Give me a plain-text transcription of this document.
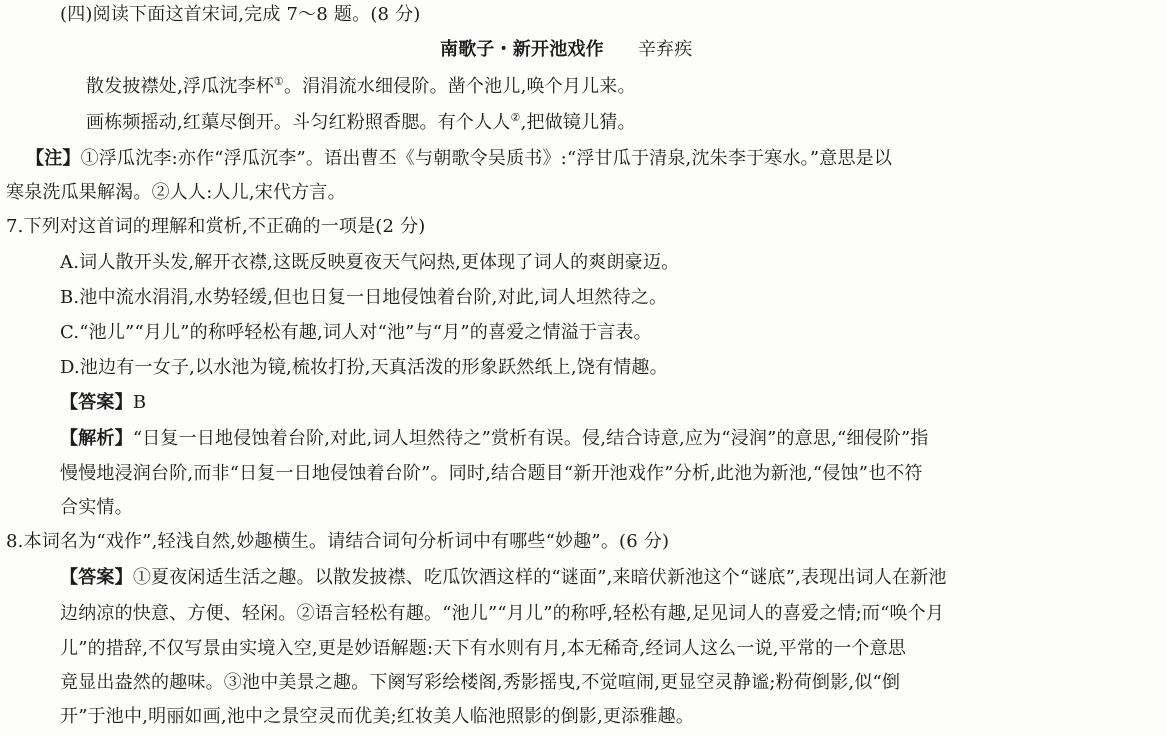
(四)阅读下面这首宋词,完成 7～8 题。(8 分)
南歌子・新开池戏作 辛弃疾
散发披襟处,浮瓜沈李杯①。涓涓流水细侵阶。凿个池儿,唤个月儿来。
画栋频摇动,红蕖尽倒开。斗匀红粉照香腮。有个人人②,把做镜儿猜。
【注】①浮瓜沈李:亦作“浮瓜沉李”。语出曹丕《与朝歌令吴质书》:“浮甘瓜于清泉,沈朱李于寒水。”意思是以
寒泉洗瓜果解渴。②人人:人儿,宋代方言。
7.下列对这首词的理解和赏析,不正确的一项是(2 分)
A.词人散开头发,解开衣襟,这既反映夏夜天气闷热,更体现了词人的爽朗豪迈。
B.池中流水涓涓,水势轻缓,但也日复一日地侵蚀着台阶,对此,词人坦然待之。
C.“池儿”“月儿”的称呼轻松有趣,词人对“池”与“月”的喜爱之情溢于言表。
D.池边有一女子,以水池为镜,梳妆打扮,天真活泼的形象跃然纸上,饶有情趣。
【答案】B
【解析】“日复一日地侵蚀着台阶,对此,词人坦然待之”赏析有误。侵,结合诗意,应为“浸润”的意思,“细侵阶”指
慢慢地浸润台阶,而非“日复一日地侵蚀着台阶”。同时,结合题目“新开池戏作”分析,此池为新池,“侵蚀”也不符
合实情。
8.本词名为“戏作”,轻浅自然,妙趣横生。请结合词句分析词中有哪些“妙趣”。(6 分)
【答案】①夏夜闲适生活之趣。以散发披襟、吃瓜饮酒这样的“谜面”,来暗伏新池这个“谜底”,表现出词人在新池
边纳凉的快意、方便、轻闲。②语言轻松有趣。“池儿”“月儿”的称呼,轻松有趣,足见词人的喜爱之情;而“唤个月
儿”的措辞,不仅写景由实境入空,更是妙语解题:天下有水则有月,本无稀奇,经词人这么一说,平常的一个意思
竟显出盎然的趣味。③池中美景之趣。下阕写彩绘楼阁,秀影摇曳,不觉喧闹,更显空灵静谧;粉荷倒影,似“倒
开”于池中,明丽如画,池中之景空灵而优美;红妆美人临池照影的倒影,更添雅趣。
